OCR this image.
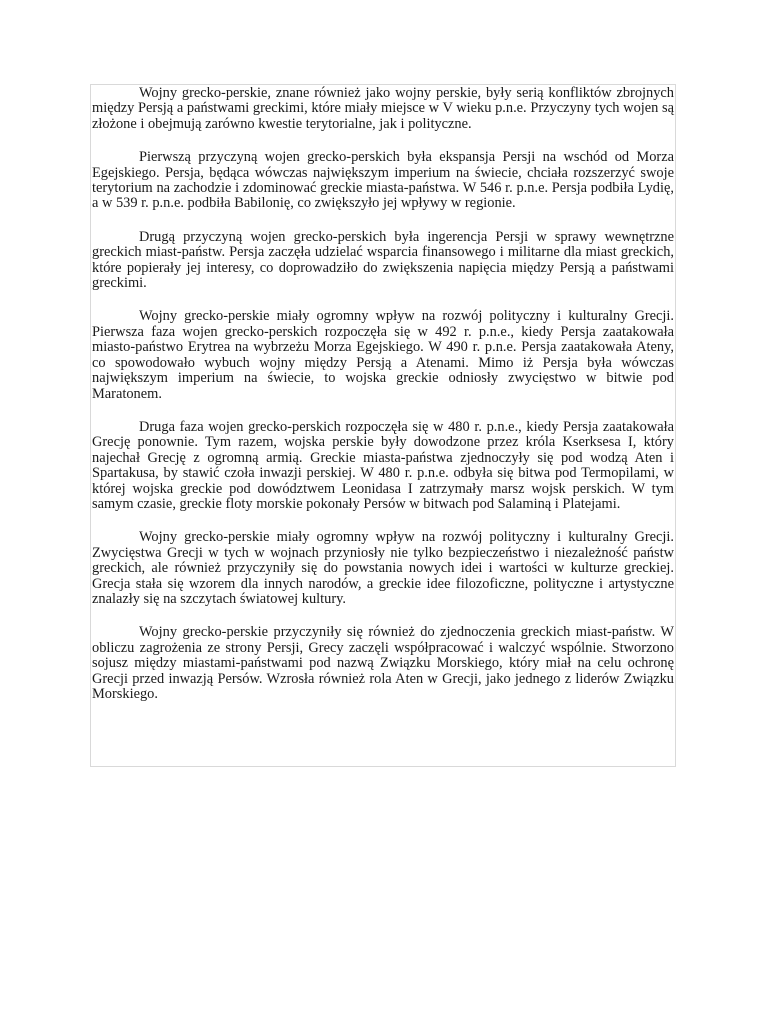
Wojny grecko-perskie, znane również jako wojny perskie, były serią konfliktów zbrojnych między Persją a państwami greckimi, które miały miejsce w V wieku p.n.e. Przyczyny tych wojen są złożone i obejmują zarówno kwestie terytorialne, jak i polityczne.

Pierwszą przyczyną wojen grecko-perskich była ekspansja Persji na wschód od Morza Egejskiego. Persja, będąca wówczas największym imperium na świecie, chciała rozszerzyć swoje terytorium na zachodzie i zdominować greckie miasta-państwa. W 546 r. p.n.e. Persja podbiła Lydię, a w 539 r. p.n.e. podbiła Babilonię, co zwiększyło jej wpływy w regionie.

Drugą przyczyną wojen grecko-perskich była ingerencja Persji w sprawy wewnętrzne greckich miast-państw. Persja zaczęła udzielać wsparcia finansowego i militarne dla miast greckich, które popierały jej interesy, co doprowadziło do zwiększenia napięcia między Persją a państwami greckimi.

Wojny grecko-perskie miały ogromny wpływ na rozwój polityczny i kulturalny Grecji. Pierwsza faza wojen grecko-perskich rozpoczęła się w 492 r. p.n.e., kiedy Persja zaatakowała miasto-państwo Erytrea na wybrzeżu Morza Egejskiego. W 490 r. p.n.e. Persja zaatakowała Ateny, co spowodowało wybuch wojny między Persją a Atenami. Mimo iż Persja była wówczas największym imperium na świecie, to wojska greckie odniosły zwycięstwo w bitwie pod Maratonem.

Druga faza wojen grecko-perskich rozpoczęła się w 480 r. p.n.e., kiedy Persja zaatakowała Grecję ponownie. Tym razem, wojska perskie były dowodzone przez króla Kserksesa I, który najechał Grecję z ogromną armią. Greckie miasta-państwa zjednoczyły się pod wodzą Aten i Spartakusa, by stawić czoła inwazji perskiej. W 480 r. p.n.e. odbyła się bitwa pod Termopilami, w której wojska greckie pod dowództwem Leonidasa I zatrzymały marsz wojsk perskich. W tym samym czasie, greckie floty morskie pokonały Persów w bitwach pod Salaminą i Platejami.

Wojny grecko-perskie miały ogromny wpływ na rozwój polityczny i kulturalny Grecji. Zwycięstwa Grecji w tych w wojnach przyniosły nie tylko bezpieczeństwo i niezależność państw greckich, ale również przyczyniły się do powstania nowych idei i wartości w kulturze greckiej. Grecja stała się wzorem dla innych narodów, a greckie idee filozoficzne, polityczne i artystyczne znalazły się na szczytach światowej kultury.

Wojny grecko-perskie przyczyniły się również do zjednoczenia greckich miast-państw. W obliczu zagrożenia ze strony Persji, Grecy zaczęli współpracować i walczyć wspólnie. Stworzono sojusz między miastami-państwami pod nazwą Związku Morskiego, który miał na celu ochronę Grecji przed inwazją Persów. Wzrosła również rola Aten w Grecji, jako jednego z liderów Związku Morskiego.
